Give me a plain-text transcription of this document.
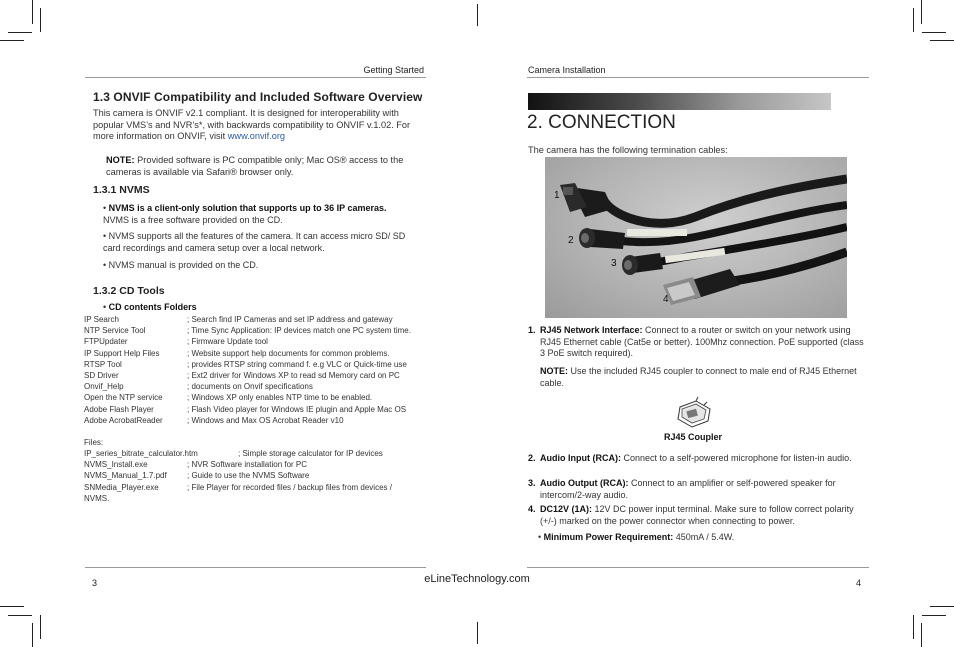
Getting Started
1.3 ONVIF Compatibility and Included Software Overview
This camera is ONVIF v2.1 compliant. It is designed for interoperability with popular VMS’s and NVR’s*, with backwards compatibility to ONVIF v.1.02. For more information on ONVIF, visit www.onvif.org
NOTE: Provided software is PC compatible only; Mac OS® access to the cameras is available via Safari® browser only.
1.3.1 NVMS
• NVMS is a client-only solution that supports up to 36 IP cameras. NVMS is a free software provided on the CD.
• NVMS supports all the features of the camera. It can access micro SD/ SD card recordings and camera setup over a local network.
• NVMS manual is provided on the CD.
1.3.2 CD Tools
• CD contents Folders
IP Search	; Search find IP Cameras and set IP address and gateway
NTP Service Tool	; Time Sync Application: IP devices match one PC system time.
FTPUpdater	; Firmware Update tool
IP Support Help Files	; Website support help documents for common problems.
RTSP Tool	; provides RTSP string command f. e.g VLC or Quick-time use
SD Driver	; Ext2 driver for Windows XP to read sd Memory card on PC
Onvif_Help	; documents on Onvif specifications
Open the NTP service	; Windows XP only enables NTP time to be enabled.
Adobe Flash Player	; Flash Video player for Windows IE plugin and Apple Mac OS
Adobe AcrobatReader	; Windows and Max OS Acrobat Reader v10
Files:
IP_series_bitrate_calculator.htm	; Simple storage calculator for IP devices
NVMS_Install.exe	; NVR Software installation for PC
NVMS_Manual_1.7.pdf	; Guide to use the NVMS Software
SNMedia_Player.exe	; File Player for recorded files / backup files from devices /
NVMS.
3	eLineTechnology.com
Camera Installation
2. CONNECTION
The camera has the following termination cables:
1
2
3
4
1. RJ45 Network Interface: Connect to a router or switch on your network using RJ45 Ethernet cable (Cat5e or better). 100Mhz connection. PoE supported (class 3 PoE switch required).
NOTE: Use the included RJ45 coupler to connect to male end of RJ45 Ethernet cable.
RJ45 Coupler
2. Audio Input (RCA): Connect to a self-powered microphone for listen-in audio.
3. Audio Output (RCA): Connect to an amplifier or self-powered speaker for intercom/2-way audio.
4. DC12V (1A): 12V DC power input terminal. Make sure to follow correct polarity (+/-) marked on the power connector when connecting to power.
• Minimum Power Requirement: 450mA / 5.4W.
4
